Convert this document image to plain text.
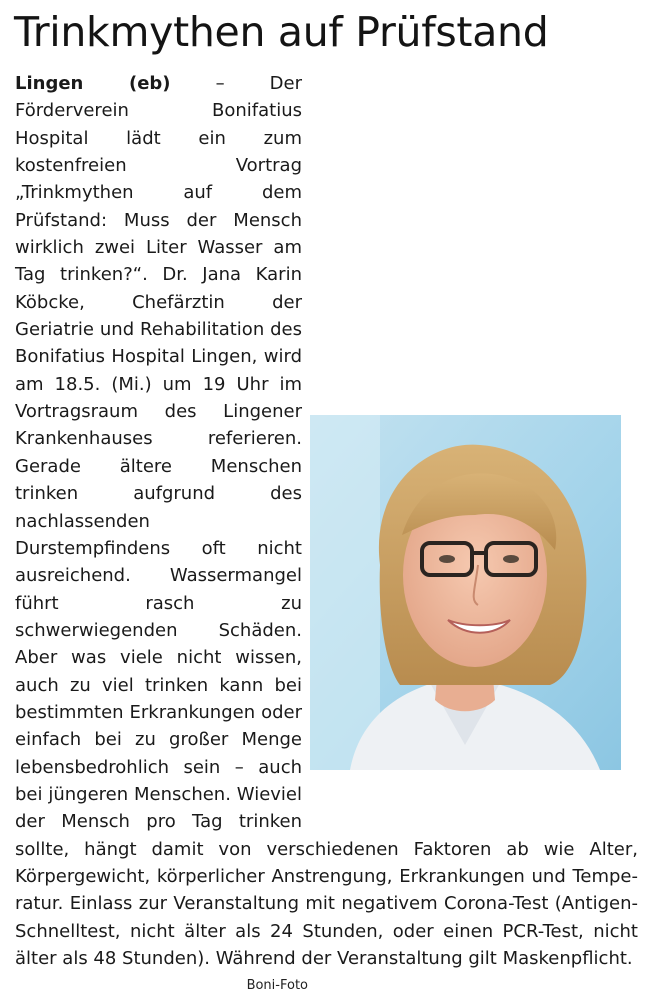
Trinkmythen auf Prüfstand
Lingen (eb) – Der Förderverein Bonifatius Hospital lädt ein zum kostenfreien Vortrag „Trinkmythen auf dem Prüfstand: Muss der Mensch wirklich zwei Liter Wasser am Tag trinken?“. Dr. Jana Karin Köbcke, Chefärztin der Geriatrie und Rehabilitation des Bonifatius Hospital Lingen, wird am 18.5. (Mi.) um 19 Uhr im Vortragsraum des Lingener Krankenhauses referieren. Gerade ältere Menschen trinken aufgrund des nachlassenden Durstempfindens oft nicht ausreichend. Wassermangel führt rasch zu schwerwiegenden Schäden. Aber was viele nicht wissen, auch zu viel trinken kann bei bestimmten Erkrankungen oder einfach bei zu großer Menge lebensbedrohlich sein – auch bei jüngeren Menschen. Wieviel der Mensch pro Tag trinken sollte, hängt damit von verschiedenen Faktoren ab wie Alter, Körpergewicht, körperlicher Anstrengung, Erkrankungen und Temperatur. Einlass zur Veranstaltung mit negativem Corona-Test (Antigen-Schnelltest, nicht älter als 24 Stunden, oder einen PCR-Test, nicht älter als 48 Stunden). Während der Veranstaltung gilt Maskenpflicht.
Boni-Foto
